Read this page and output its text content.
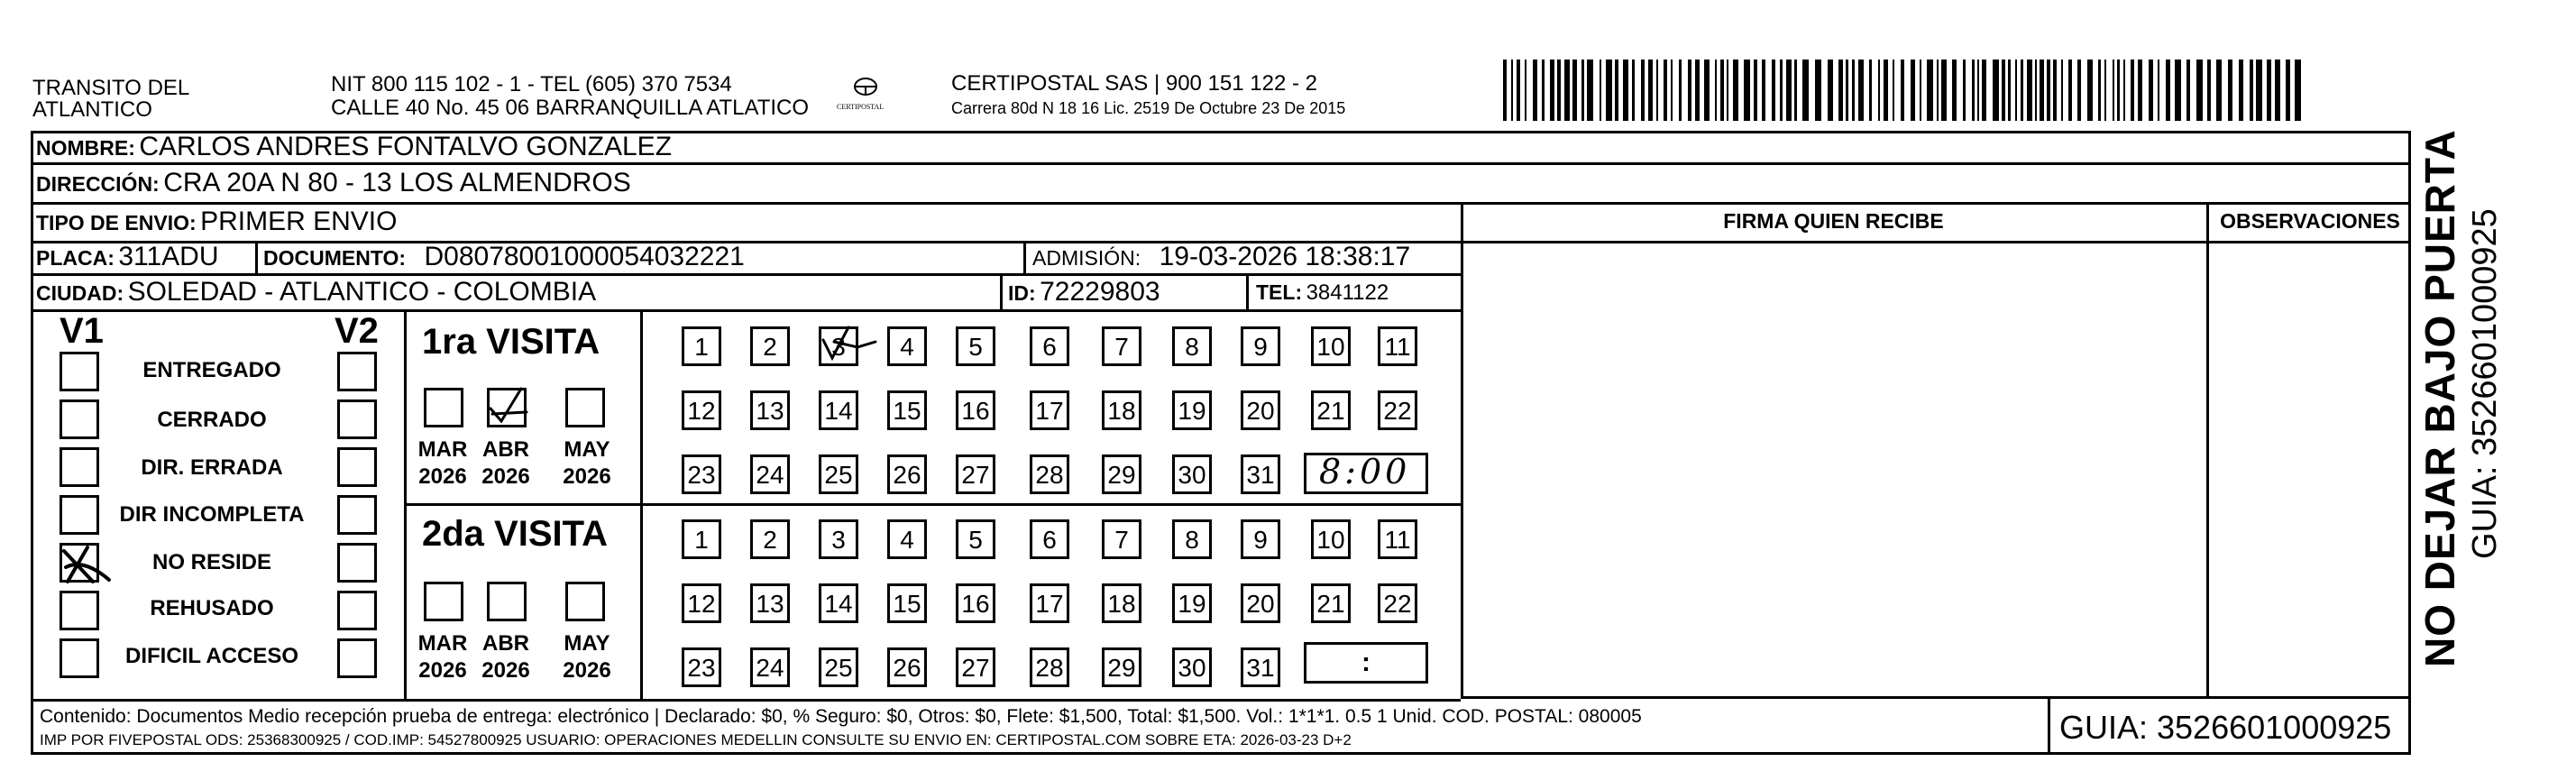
TRANSITO DEL
ATLANTICO
NIT 800 115 102 - 1 - TEL (605) 370 7534
CALLE 40 No. 45 06 BARRANQUILLA ATLATICO	CERTIPOSTAL
CERTIPOSTAL SAS | 900 151 122 - 2
Carrera 80d N 18 16 Lic. 2519 De Octubre 23 De 2015
NOMBRE: CARLOS ANDRES FONTALVO GONZALEZ
DIRECCIÓN: CRA 20A N 80 - 13 LOS ALMENDROS
TIPO DE ENVIO: PRIMER ENVIO
PLACA: 311ADU DOCUMENTO: D08078001000054032221	ADMISIÓN: 19-03-2026 18:38:17
CIUDAD: SOLEDAD - ATLANTICO - COLOMBIA	ID: 72229803	TEL: 3841122
FIRMA QUIEN RECIBE	OBSERVACIONES
V1	V2
ENTREGADO
CERRADO
DIR. ERRADA
DIR INCOMPLETA
NO RESIDE
REHUSADO
DIFICIL ACCESO
1ra VISITA
MAR
2026
ABR
2026
MAY
2026
1	2	3	4	5	6	7	8	9	10 11
12 13 14 15 16 17 18 19 20 21 22
23 24 25 26 27 28 29 30 31 8:00
2da VISITA
MAR
2026
ABR
2026
MAY
2026
1	2	3	4	5	6	7	8	9	10 11
12 13 14 15 16 17 18 19 20 21 22
23 24 25 26 27 28 29 30 31	:	NO DEJAR BAJO PUERTA GUIA: 3526601000925
Contenido: Documentos Medio recepción prueba de entrega: electrónico | Declarado: $0, % Seguro: $0, Otros: $0, Flete: $1,500, Total: $1,500. Vol.: 1*1*1. 0.5 1 Unid. COD. POSTAL: 080005
IMP POR FIVEPOSTAL ODS: 25368300925 / COD.IMP: 54527800925 USUARIO: OPERACIONES MEDELLIN CONSULTE SU ENVIO EN: CERTIPOSTAL.COM SOBRE ETA: 2026-03-23 D+2	GUIA: 3526601000925
